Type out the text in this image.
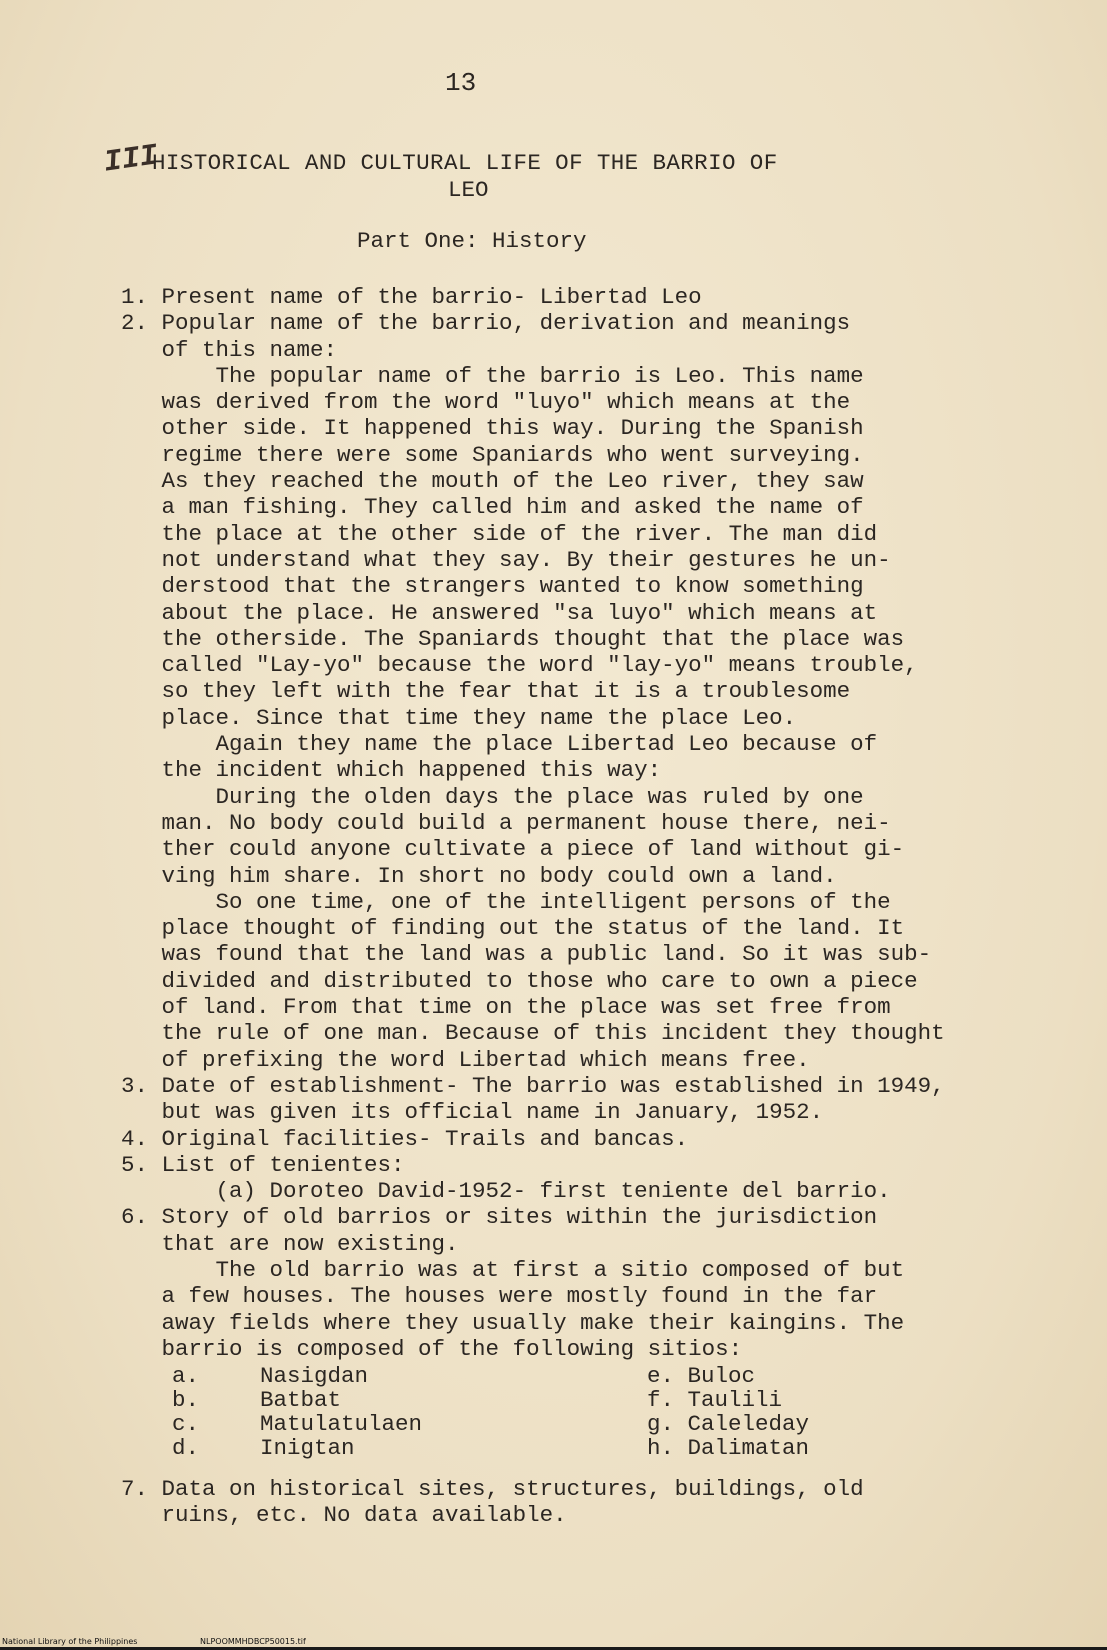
13
III
HISTORICAL AND CULTURAL LIFE OF THE BARRIO OF
LEO
Part One: History
1. Present name of the barrio- Libertad Leo
2. Popular name of the barrio, derivation and meanings
of this name:
The popular name of the barrio is Leo. This name
was derived from the word "luyo" which means at the
other side. It happened this way. During the Spanish
regime there were some Spaniards who went surveying.
As they reached the mouth of the Leo river, they saw
a man fishing. They called him and asked the name of
the place at the other side of the river. The man did
not understand what they say. By their gestures he un-
derstood that the strangers wanted to know something
about the place. He answered "sa luyo" which means at
the otherside. The Spaniards thought that the place was
called "Lay-yo" because the word "lay-yo" means trouble,
so they left with the fear that it is a troublesome
place. Since that time they name the place Leo.
Again they name the place Libertad Leo because of
the incident which happened this way:
During the olden days the place was ruled by one
man. No body could build a permanent house there, nei-
ther could anyone cultivate a piece of land without gi-
ving him share. In short no body could own a land.
So one time, one of the intelligent persons of the
place thought of finding out the status of the land. It
was found that the land was a public land. So it was sub-
divided and distributed to those who care to own a piece
of land. From that time on the place was set free from
the rule of one man. Because of this incident they thought
of prefixing the word Libertad which means free.
3. Date of establishment- The barrio was established in 1949,
but was given its official name in January, 1952.
4. Original facilities- Trails and bancas.
5. List of tenientes:
(a) Doroteo David-1952- first teniente del barrio.
6. Story of old barrios or sites within the jurisdiction
that are now existing.
The old barrio was at first a sitio composed of but
a few houses. The houses were mostly found in the far
away fields where they usually make their kaingins. The
barrio is composed of the following sitios:
a.	Nasigdan	e. Buloc
b.	Batbat	f. Taulili
c.	Matulatulaen	g. Caleleday
d.	Inigtan	h. Dalimatan
7. Data on historical sites, structures, buildings, old
ruins, etc. No data available.
National Library of the Philippines	NLPOOMMHDBCP50015.tif
